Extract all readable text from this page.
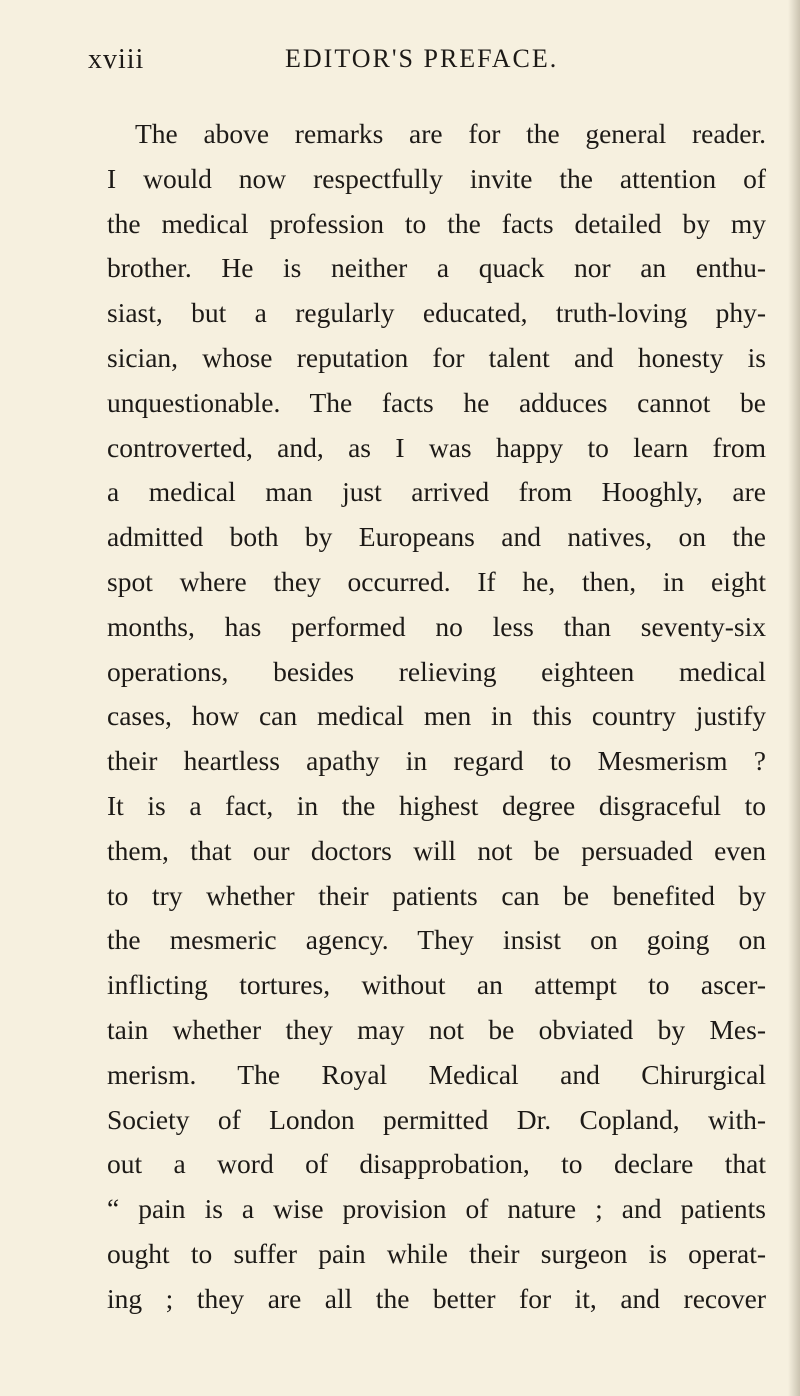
xviii	EDITOR'S PREFACE.
The above remarks are for the general reader.
I would now respectfully invite the attention of
the medical profession to the facts detailed by my
brother. He is neither a quack nor an enthu-
siast, but a regularly educated, truth-loving phy-
sician, whose reputation for talent and honesty is
unquestionable. The facts he adduces cannot be
controverted, and, as I was happy to learn from
a medical man just arrived from Hooghly, are
admitted both by Europeans and natives, on the
spot where they occurred. If he, then, in eight
months, has performed no less than seventy-six
operations, besides relieving eighteen medical
cases, how can medical men in this country justify
their heartless apathy in regard to Mesmerism ?
It is a fact, in the highest degree disgraceful to
them, that our doctors will not be persuaded even
to try whether their patients can be benefited by
the mesmeric agency. They insist on going on
inflicting tortures, without an attempt to ascer-
tain whether they may not be obviated by Mes-
merism. The Royal Medical and Chirurgical
Society of London permitted Dr. Copland, with-
out a word of disapprobation, to declare that
“ pain is a wise provision of nature ; and patients
ought to suffer pain while their surgeon is operat-
ing ; they are all the better for it, and recover
